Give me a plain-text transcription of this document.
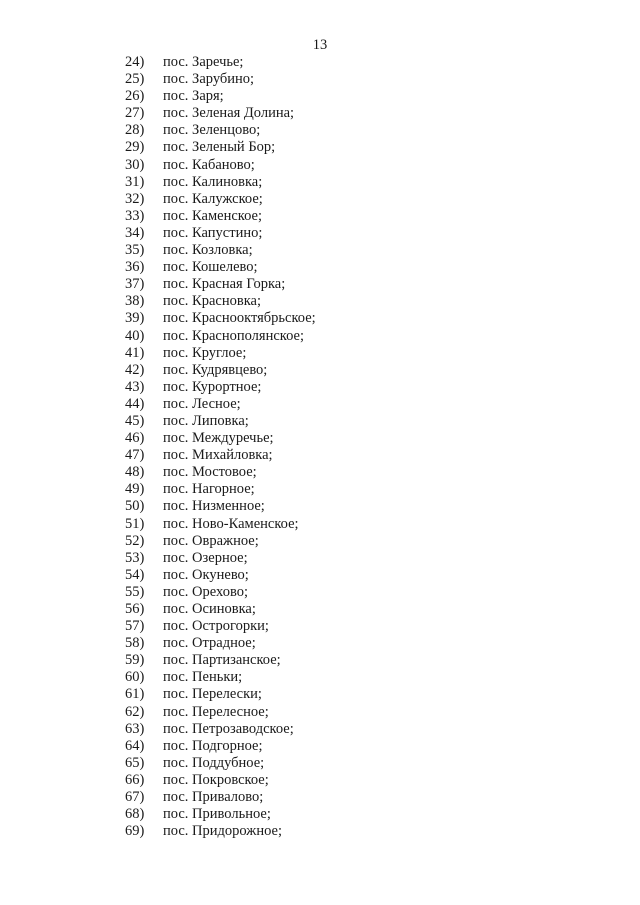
13
24) пос. Заречье;
25) пос. Зарубино;
26) пос. Заря;
27) пос. Зеленая Долина;
28) пос. Зеленцово;
29) пос. Зеленый Бор;
30) пос. Кабаново;
31) пос. Калиновка;
32) пос. Калужское;
33) пос. Каменское;
34) пос. Капустино;
35) пос. Козловка;
36) пос. Кошелево;
37) пос. Красная Горка;
38) пос. Красновка;
39) пос. Краснооктябрьское;
40) пос. Краснополянское;
41) пос. Круглое;
42) пос. Кудрявцево;
43) пос. Курортное;
44) пос. Лесное;
45) пос. Липовка;
46) пос. Междуречье;
47) пос. Михайловка;
48) пос. Мостовое;
49) пос. Нагорное;
50) пос. Низменное;
51) пос. Ново-Каменское;
52) пос. Овражное;
53) пос. Озерное;
54) пос. Окунево;
55) пос. Орехово;
56) пос. Осиновка;
57) пос. Острогорки;
58) пос. Отрадное;
59) пос. Партизанское;
60) пос. Пеньки;
61) пос. Перелески;
62) пос. Перелесное;
63) пос. Петрозаводское;
64) пос. Подгорное;
65) пос. Поддубное;
66) пос. Покровское;
67) пос. Привалово;
68) пос. Привольное;
69) пос. Придорожное;
